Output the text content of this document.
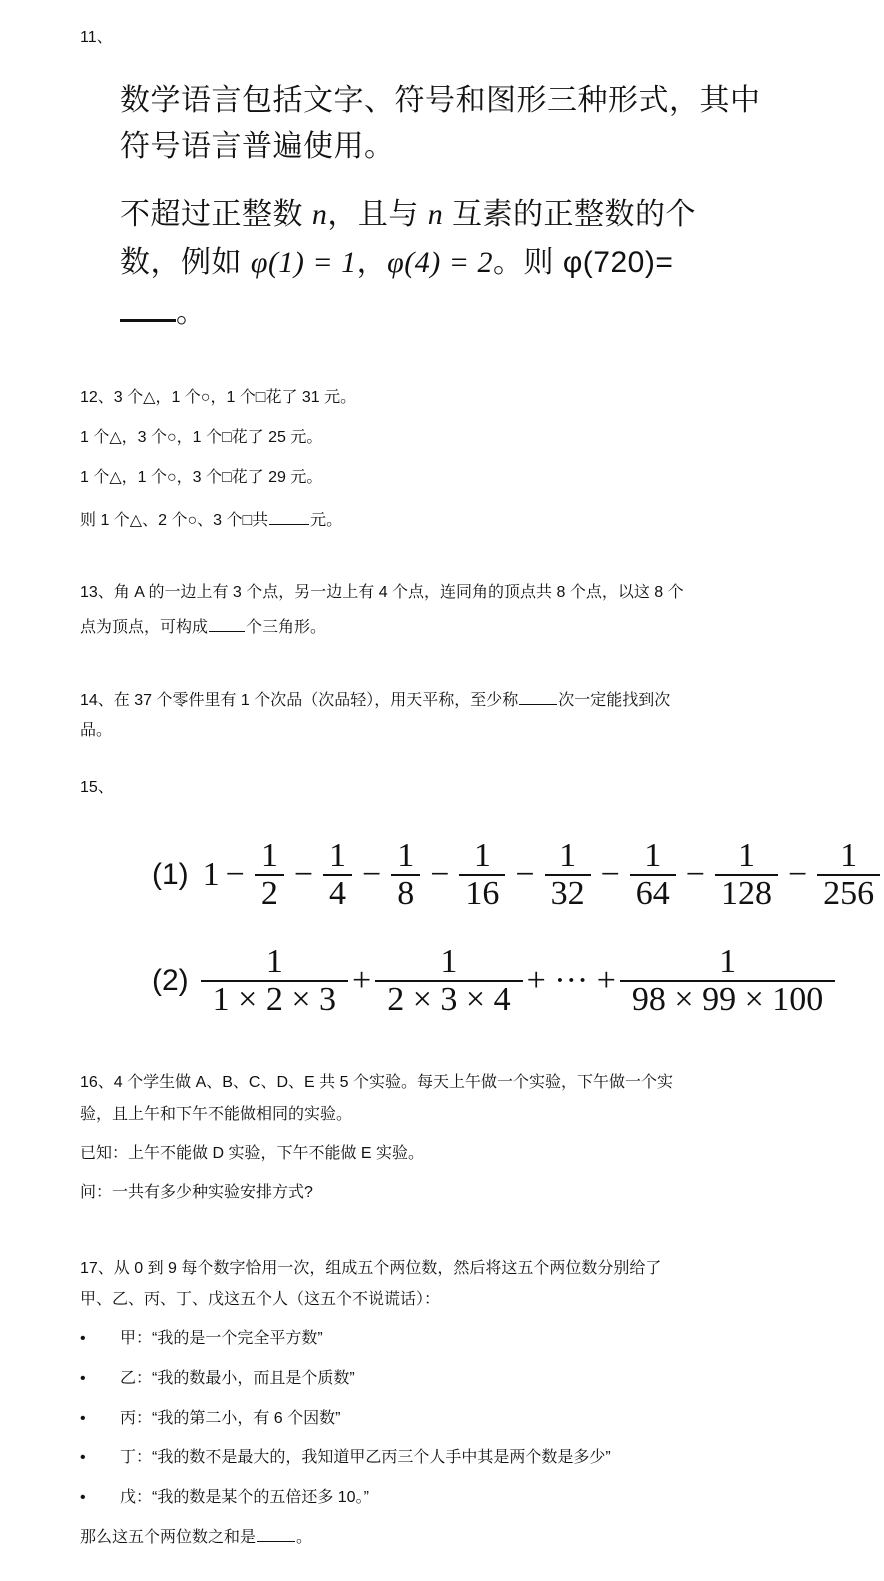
11、
数学语言包括文字、符号和图形三种形式，其中
符号语言普遍使用。
不超过正整数 n，且与 n 互素的正整数的个
数，例如 φ(1) = 1，φ(4) = 2。则 φ(720)=
。
12、3 个△，1 个○，1 个□花了 31 元。
1 个△，3 个○，1 个□花了 25 元。
1 个△，1 个○，3 个□花了 29 元。
则 1 个△、2 个○、3 个□共	元。
13、角 A 的一边上有 3 个点，另一边上有 4 个点，连同角的顶点共 8 个点，以这 8 个
点为顶点，可构成 个三角形。
14、在 37 个零件里有 1 个次品（次品轻），用天平称，至少称	次一定能找到次
品。
15、
(1) $1 - \frac{1}{2} - \frac{1}{4} - \frac{1}{8} - \frac{1}{16} - \frac{1}{32} - \frac{1}{64} - \frac{1}{128} - \frac{1}{256}$
$(2) \frac{1}{1 \times 2 \times 3} + \frac{1}{2 \times 3 \times 4}$ + ··· + $\frac{1}{98 \times 99 \times 100}$
16、4 个学生做 A、B、C、D、E 共 5 个实验。每天上午做一个实验，下午做一个实
验，且上午和下午不能做相同的实验。
已知：上午不能做 D 实验，下午不能做 E 实验。
问：一共有多少种实验安排方式?
17、从 0 到 9 每个数字恰用一次，组成五个两位数，然后将这五个两位数分别给了
甲、乙、丙、丁、戊这五个人（这五个不说谎话）：
• 甲：“我的是一个完全平方数”
• 乙：“我的数最小，而且是个质数”
• 丙：“我的第二小，有 6 个因数”
• 丁：“我的数不是最大的，我知道甲乙丙三个人手中其是两个数是多少”
• 戊：“我的数是某个的五倍还多 10。”
那么这五个两位数之和是	。
